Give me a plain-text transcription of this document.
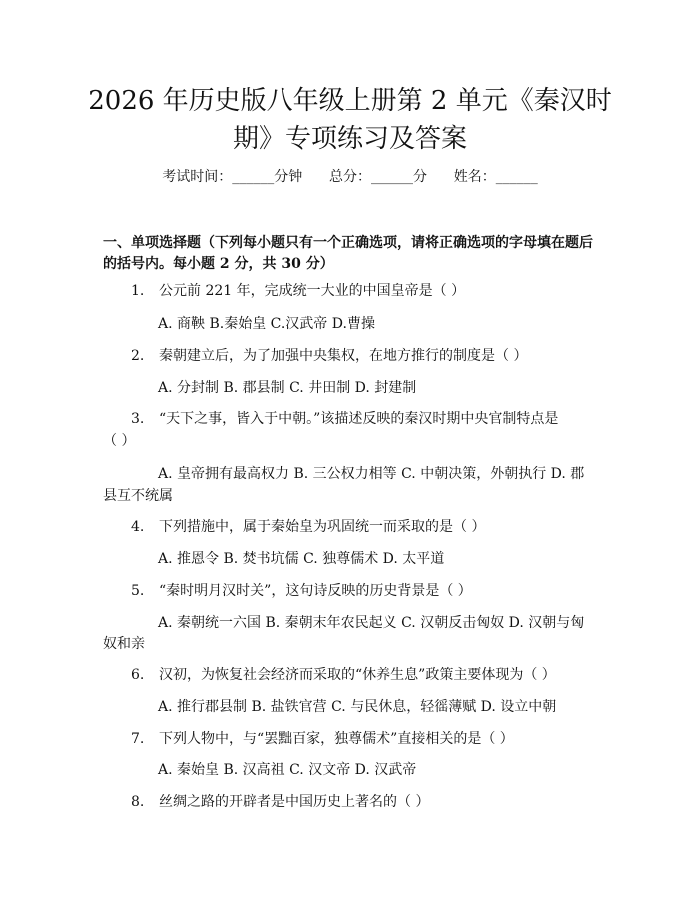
2026 年历史版八年级上册第 2 单元《秦汉时
期》专项练习及答案
考试时间：______分钟      总分：______分      姓名：______
一、单项选择题（下列每小题只有一个正确选项，请将正确选项的字母填在题后
的括号内。每小题 2 分，共 30 分）
1. 公元前 221 年，完成统一大业的中国皇帝是（ ）
A. 商鞅 B.秦始皇 C.汉武帝 D.曹操
2. 秦朝建立后，为了加强中央集权，在地方推行的制度是（ ）
A. 分封制 B. 郡县制 C. 井田制 D. 封建制
3. “天下之事，皆入于中朝。”该描述反映的秦汉时期中央官制特点是
（ ）
A. 皇帝拥有最高权力 B. 三公权力相等 C. 中朝决策，外朝执行 D. 郡
县互不统属
4. 下列措施中，属于秦始皇为巩固统一而采取的是（ ）
A. 推恩令 B. 焚书坑儒 C. 独尊儒术 D. 太平道
5. “秦时明月汉时关”，这句诗反映的历史背景是（ ）
A. 秦朝统一六国 B. 秦朝末年农民起义 C. 汉朝反击匈奴 D. 汉朝与匈
奴和亲
6. 汉初，为恢复社会经济而采取的“休养生息”政策主要体现为（ ）
A. 推行郡县制 B. 盐铁官营 C. 与民休息，轻徭薄赋 D. 设立中朝
7. 下列人物中，与“罢黜百家，独尊儒术”直接相关的是（ ）
A. 秦始皇 B. 汉高祖 C. 汉文帝 D. 汉武帝
8. 丝绸之路的开辟者是中国历史上著名的（ ）
